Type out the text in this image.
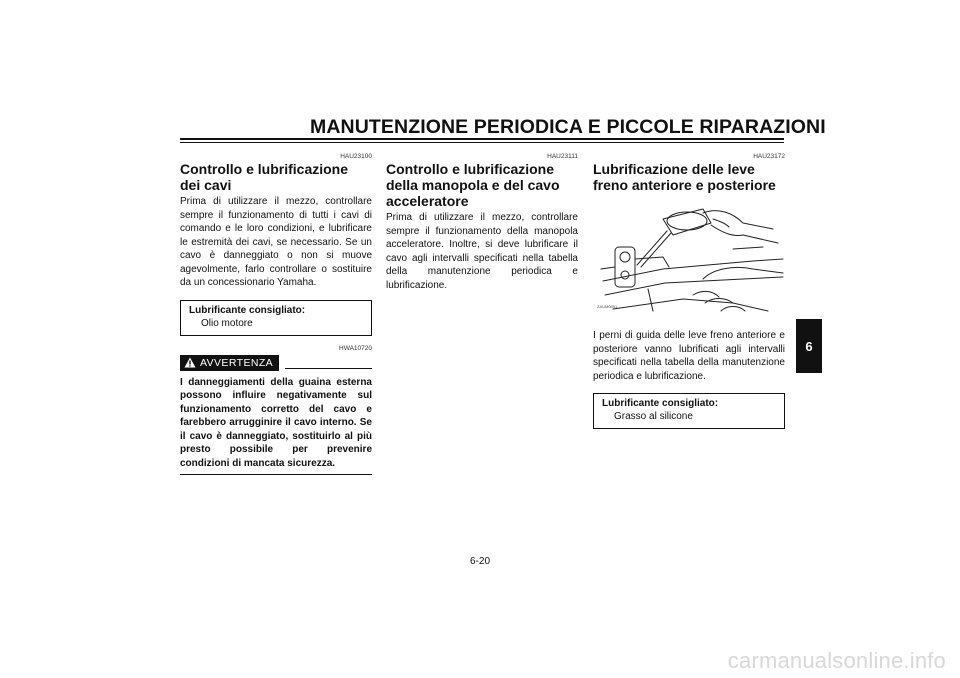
MANUTENZIONE PERIODICA E PICCOLE RIPARAZIONI
HAU23100
Controllo e lubrificazione dei cavi

Prima di utilizzare il mezzo, controllare sempre il funzionamento di tutti i cavi di comando e le loro condizioni, e lubrificare le estremità dei cavi, se necessario. Se un cavo è danneggiato o non si muove agevolmente, farlo controllare o sostituire da un concessionario Yamaha.

Lubrificante consigliato:
Olio motore
HWA10720
AVVERTENZA

I danneggiamenti della guaina esterna possono influire negativamente sul funzionamento corretto del cavo e farebbero arrugginire il cavo interno. Se il cavo è danneggiato, sostituirlo al più presto possibile per prevenire condizioni di mancata sicurezza.

HAU23111
Controllo e lubrificazione della manopola e del cavo acceleratore

Prima di utilizzare il mezzo, controllare sempre il funzionamento della manopola acceleratore. Inoltre, si deve lubrificare il cavo agli intervalli specificati nella tabella della manutenzione periodica e lubrificazione.

HAU23172
Lubrificazione delle leve freno anteriore e posteriore
ZAUM0851

I perni di guida delle leve freno anteriore e posteriore vanno lubrificati agli intervalli specificati nella tabella della manutenzione periodica e lubrificazione.

Lubrificante consigliato:
Grasso al silicone
6-20
6
carmanualsonline.info
